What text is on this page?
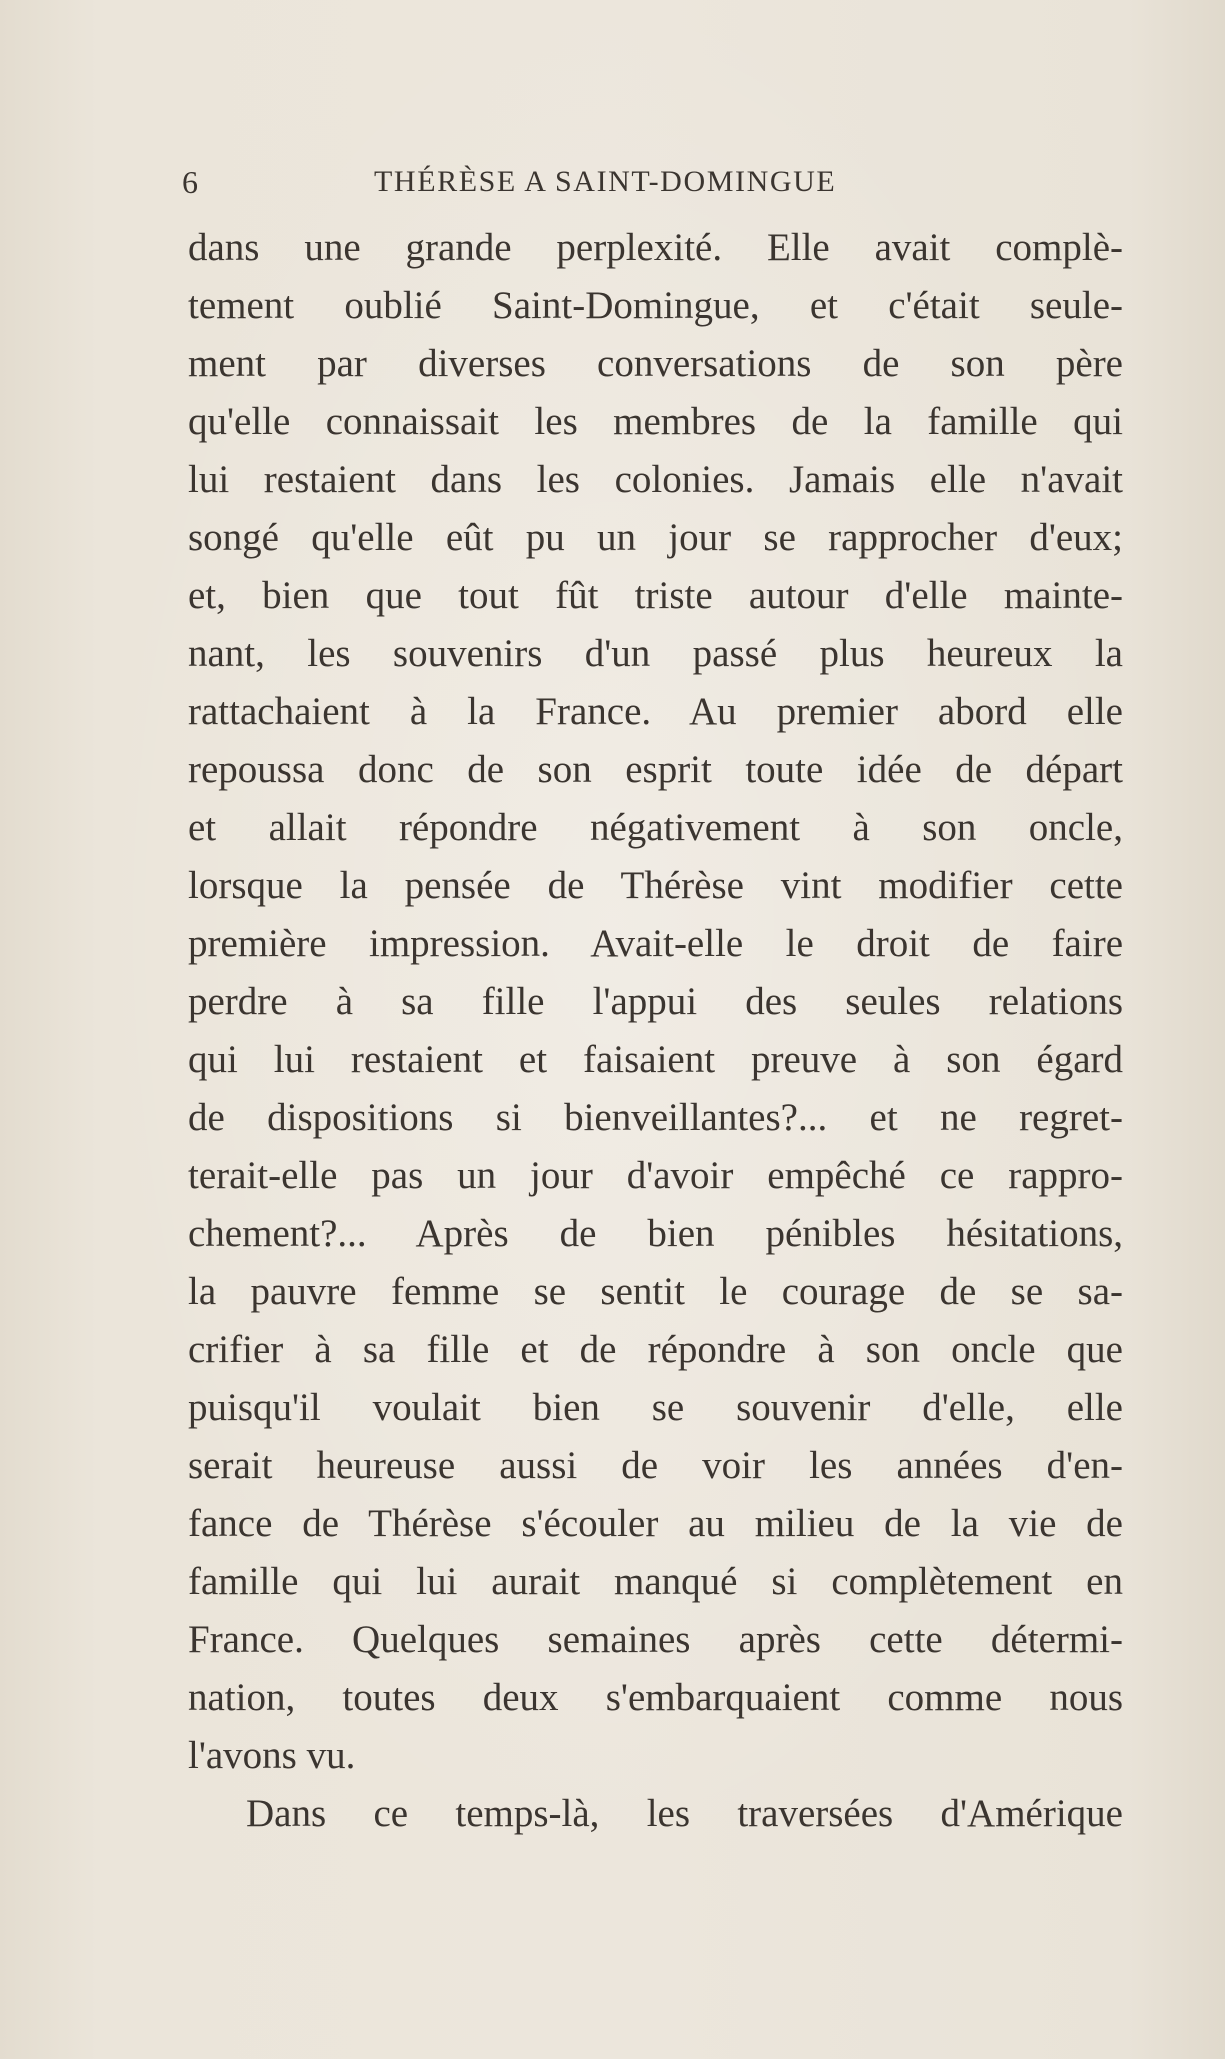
6	THÉRÈSE A SAINT-DOMINGUE
dans une grande perplexité. Elle avait complè-
tement oublié Saint-Domingue, et c'était seule-
ment par diverses conversations de son père
qu'elle connaissait les membres de la famille qui
lui restaient dans les colonies. Jamais elle n'avait
songé qu'elle eût pu un jour se rapprocher d'eux;
et, bien que tout fût triste autour d'elle mainte-
nant, les souvenirs d'un passé plus heureux la
rattachaient à la France. Au premier abord elle
repoussa donc de son esprit toute idée de départ
et allait répondre négativement à son oncle,
lorsque la pensée de Thérèse vint modifier cette
première impression. Avait-elle le droit de faire
perdre à sa fille l'appui des seules relations
qui lui restaient et faisaient preuve à son égard
de dispositions si bienveillantes?... et ne regret-
terait-elle pas un jour d'avoir empêché ce rappro-
chement?... Après de bien pénibles hésitations,
la pauvre femme se sentit le courage de se sa-
crifier à sa fille et de répondre à son oncle que
puisqu'il voulait bien se souvenir d'elle, elle
serait heureuse aussi de voir les années d'en-
fance de Thérèse s'écouler au milieu de la vie de
famille qui lui aurait manqué si complètement en
France. Quelques semaines après cette détermi-
nation, toutes deux s'embarquaient comme nous
l'avons vu.
Dans ce temps-là, les traversées d'Amérique
